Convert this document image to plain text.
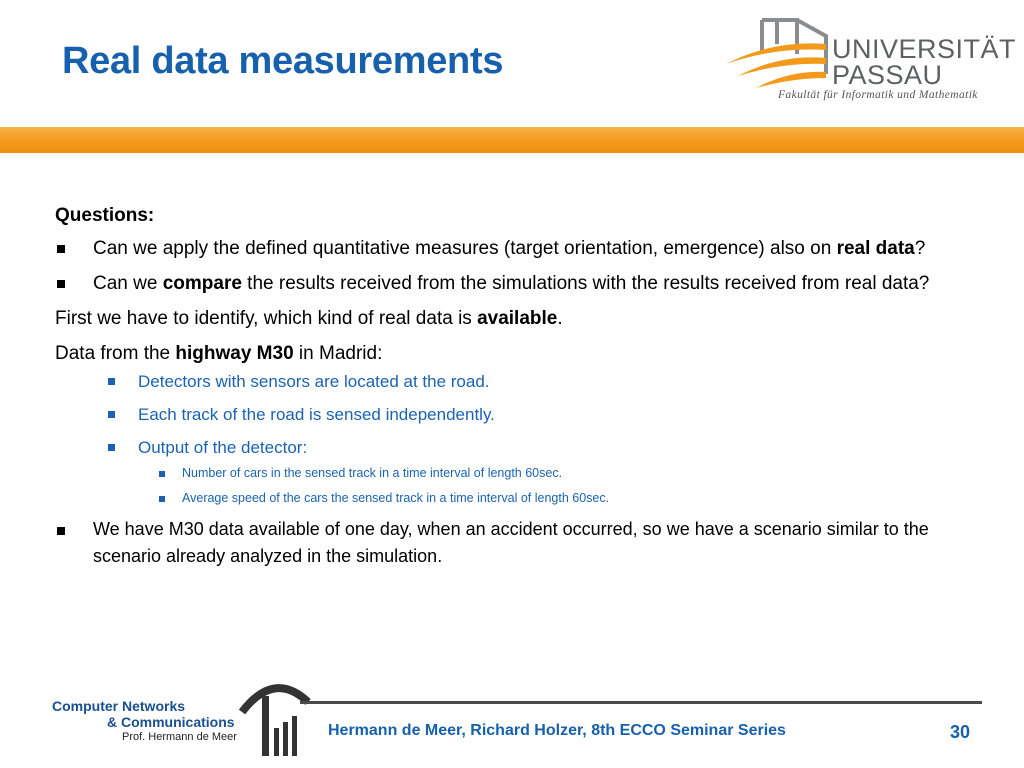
Real data measurements	UNIVERSITÄT
PASSAU
Fakultät für Informatik und Mathematik

Questions:

Can we apply the defined quantitative measures (target orientation, emergence) also on real data?
Can we compare the results received from the simulations with the results received from real data?

First we have to identify, which kind of real data is available.

Data from the highway M30 in Madrid:

Detectors with sensors are located at the road.
Each track of the road is sensed independently.
Output of the detector:
Number of cars in the sensed track in a time interval of length 60sec.
Average speed of the cars the sensed track in a time interval of length 60sec.
We have M30 data available of one day, when an accident occurred, so we have a scenario similar to the scenario already analyzed in the simulation.
Computer Networks
& Communications
Prof. Hermann de Meer	Hermann de Meer, Richard Holzer, 8th ECCO Seminar Series	30
